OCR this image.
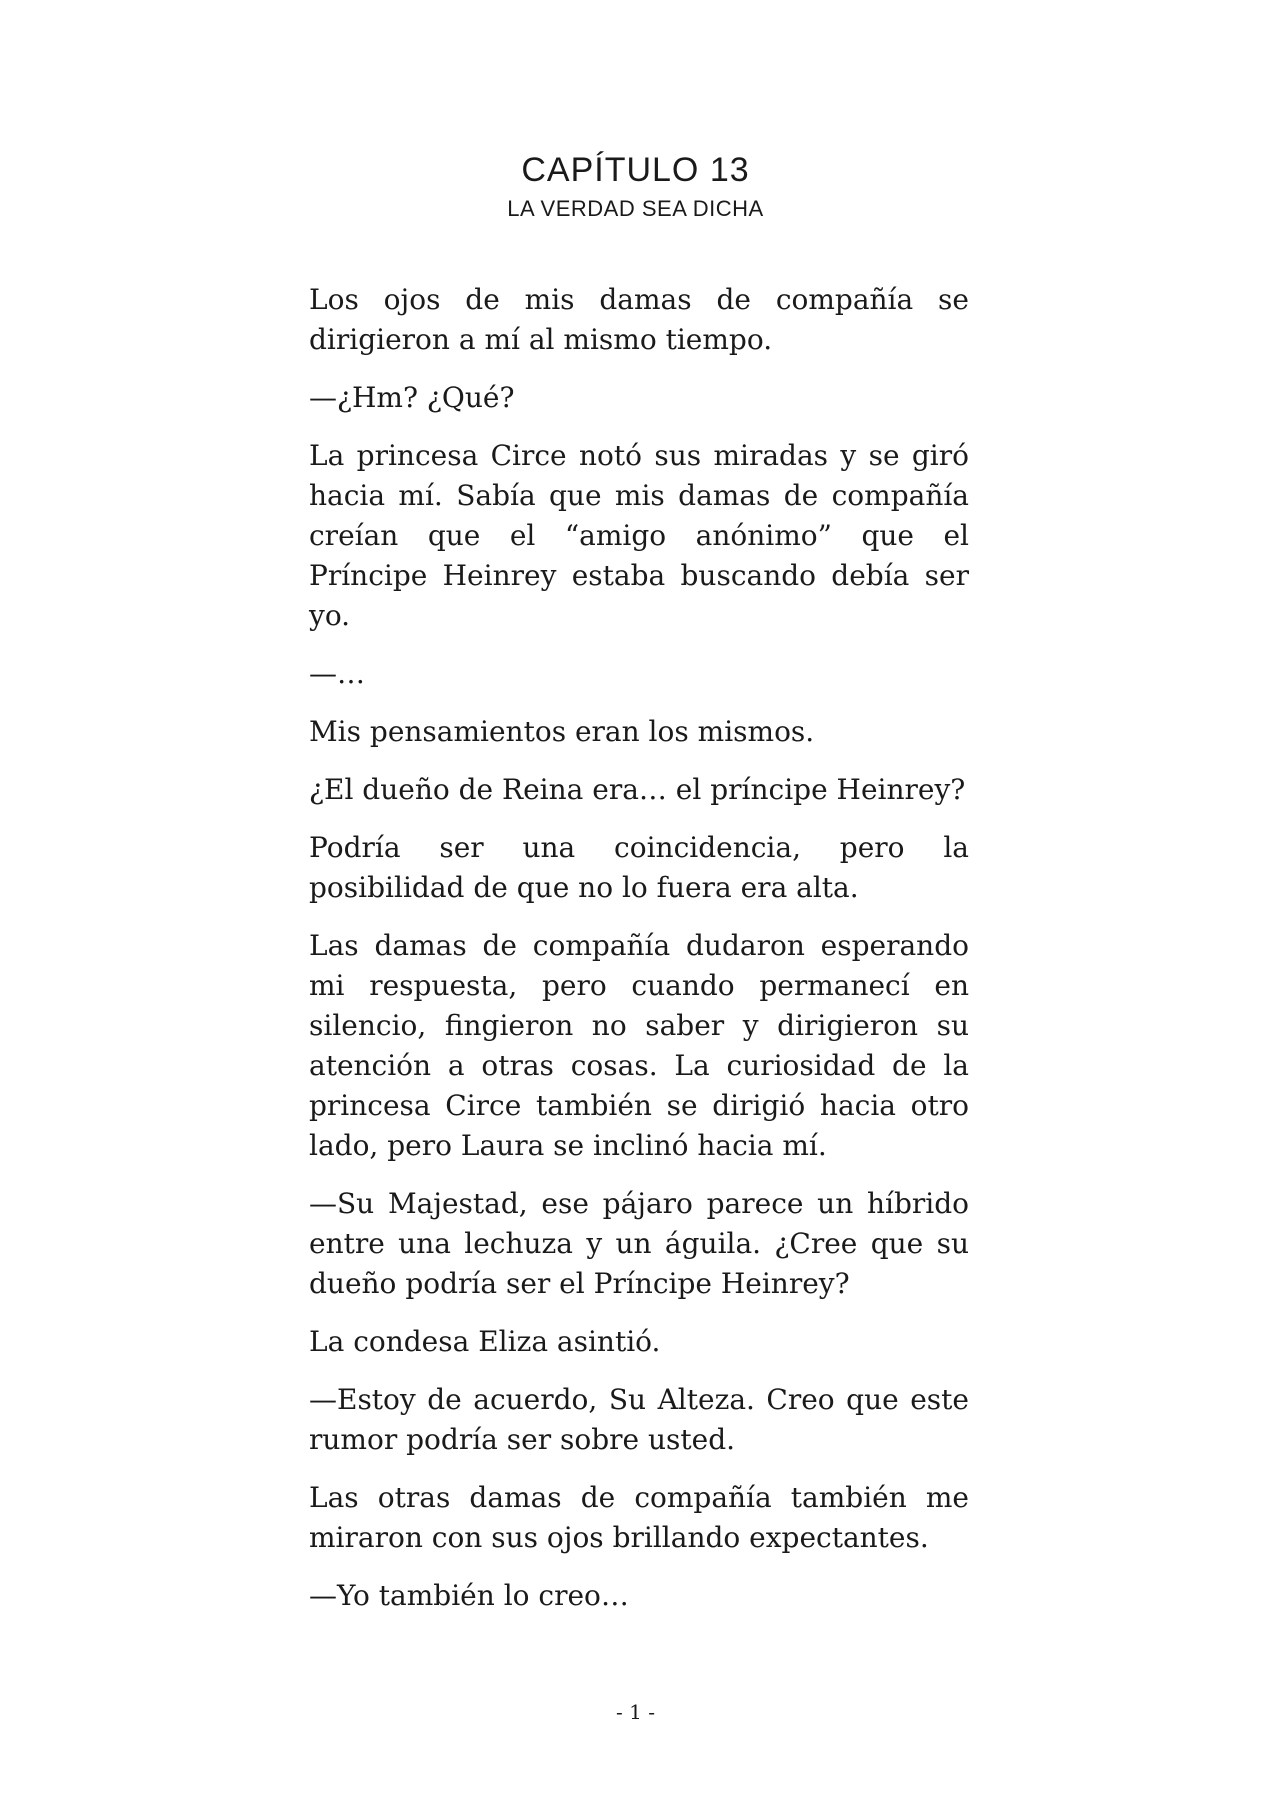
CAPÍTULO 13
LA VERDAD SEA DICHA

Los ojos de mis damas de compañía se dirigieron a mí al mismo tiempo.

—¿Hm? ¿Qué?

La princesa Circe notó sus miradas y se giró hacia mí. Sabía que mis damas de compañía creían que el “amigo anónimo” que el Príncipe Heinrey estaba buscando debía ser yo.

—…

Mis pensamientos eran los mismos.

¿El dueño de Reina era… el príncipe Heinrey?

Podría ser una coincidencia, pero la posibilidad de que no lo fuera era alta.

Las damas de compañía dudaron esperando mi respuesta, pero cuando permanecí en silencio, fingieron no saber y dirigieron su atención a otras cosas. La curiosidad de la princesa Circe también se dirigió hacia otro lado, pero Laura se inclinó hacia mí.

—Su Majestad, ese pájaro parece un híbrido entre una lechuza y un águila. ¿Cree que su dueño podría ser el Príncipe Heinrey?

La condesa Eliza asintió.

—Estoy de acuerdo, Su Alteza. Creo que este rumor podría ser sobre usted.

Las otras damas de compañía también me miraron con sus ojos brillando expectantes.

—Yo también lo creo…

- 1 -
